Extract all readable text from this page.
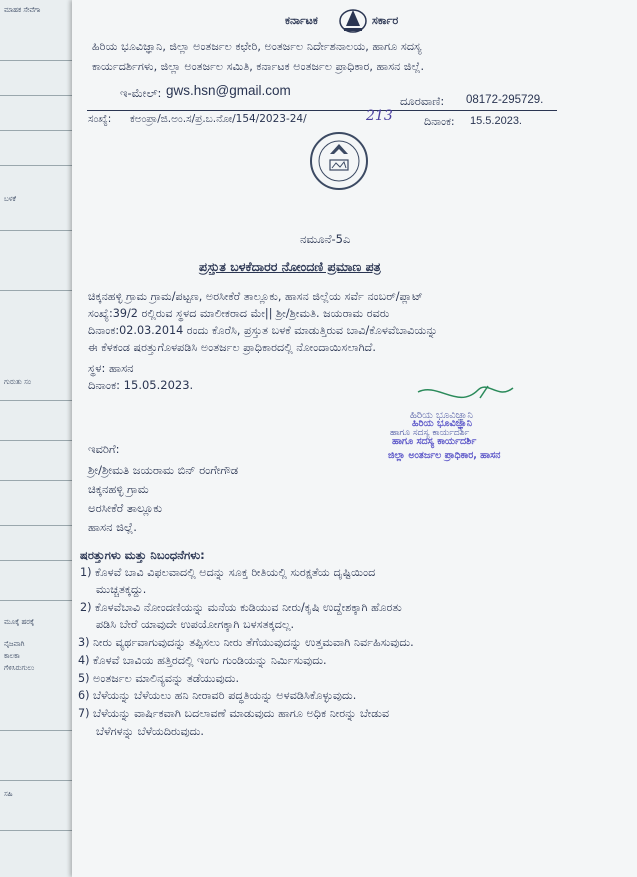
ಮಾಹಕ ಸೇವೆಗಾ
ಬಳಕೆ
ಗುರುತು ಸಂ
ಮೂಕ್ಕೆ ಹರಕ್ಕೆ
ನೈಜವಾಗಿ
ಕಾಲಕಾ
ಗೆಳಿಸಿರುಗುಲು
ಸಹಿ
ಕರ್ನಾಟಕ	ಸರ್ಕಾರ
ಹಿರಿಯ ಭೂವಿಜ್ಞಾನಿ, ಜಿಲ್ಲಾ ಅಂತರ್ಜಲ ಕಛೇರಿ, ಅಂತರ್ಜಲ ನಿರ್ದೇಶನಾಲಯ, ಹಾಗೂ ಸದಸ್ಯ
ಕಾರ್ಯದರ್ಶಿಗಳು, ಜಿಲ್ಲಾ ಅಂತರ್ಜಲ ಸಮಿತಿ, ಕರ್ನಾಟಕ ಅಂತರ್ಜಲ ಪ್ರಾಧಿಕಾರ, ಹಾಸನ ಜಿಲ್ಲೆ.
ಇ-ಮೇಲ್: gws.hsn@gmail.com
ದೂರವಾಣಿ: 08172-295729.
ಸಂಖ್ಯೆ: ಕಅಂಪ್ರಾ/ಜಿ.ಅಂ.ಸ/ಪ್ರ.ಬ.ನೋ/154/2023-24/	213	ದಿನಾಂಕ: 15.5.2023.
ನಮೂನೆ-5ಎ
ಪ್ರಸ್ತುತ ಬಳಕೆದಾರರ ನೋಂದಣಿ ಪ್ರಮಾಣ ಪತ್ರ
ಚಿಕ್ಕನಹಳ್ಳಿ ಗ್ರಾಮ ಗ್ರಾಮ/ಪಟ್ಟಣ, ಅರಸೀಕೆರೆ ತಾಲ್ಲೂಕು, ಹಾಸನ ಜಿಲ್ಲೆಯ ಸರ್ವೆ ನಂಬರ್/ಪ್ಲಾಟ್
ಸಂಖ್ಯೆ:39/2 ರಲ್ಲಿರುವ ಸ್ಥಳದ ಮಾಲೀಕರಾದ ಮೇ|| ಶ್ರೀ/ಶ್ರೀಮತಿ. ಜಯರಾಮ ರವರು
ದಿನಾಂಕ:02.03.2014 ರಂದು ಕೊರೆಸಿ, ಪ್ರಸ್ತುತ ಬಳಕೆ ಮಾಡುತ್ತಿರುವ ಬಾವಿ/ಕೊಳವೆಬಾವಿಯನ್ನು
ಈ ಕೆಳಕಂಡ ಷರತ್ತುಗೊಳಪಡಿಸಿ ಅಂತರ್ಜಲ ಪ್ರಾಧಿಕಾರದಲ್ಲಿ ನೋಂದಾಯಿಸಲಾಗಿದೆ.
ಸ್ಥಳ: ಹಾಸನ
ದಿನಾಂಕ: 15.05.2023.
ಹಿರಿಯ ಭೂವಿಜ್ಞಾನಿ
ಹಿರಿಯ ಭೂವಿಜ್ಞಾನಿ
ಹಾಗೂ ಸದಸ್ಯ ಕಾರ್ಯದರ್ಶಿ
ಹಾಗೂ ಸದಸ್ಯ ಕಾರ್ಯದರ್ಶಿ
ಜಿಲ್ಲಾ ಅಂತರ್ಜಲ ಪ್ರಾಧಿಕಾರ, ಹಾಸನ
ಇವರಿಗೆ:
ಶ್ರೀ/ಶ್ರೀಮತಿ ಜಯರಾಮ ಬಿನ್ ರಂಗೇಗೌಡ
ಚಿಕ್ಕನಹಳ್ಳಿ ಗ್ರಾಮ
ಅರಸೀಕೆರೆ ತಾಲ್ಲೂಕು
ಹಾಸನ ಜಿಲ್ಲೆ.
ಷರತ್ತುಗಳು ಮತ್ತು ನಿಬಂಧನೆಗಳು:
1) ಕೊಳವೆ ಬಾವಿ ವಿಫಲವಾದಲ್ಲಿ ಅದನ್ನು ಸೂಕ್ತ ರೀತಿಯಲ್ಲಿ ಸುರಕ್ಷತೆಯ ದೃಷ್ಟಿಯಿಂದ
ಮುಚ್ಚತಕ್ಕದ್ದು.
2) ಕೊಳವೆಬಾವಿ ನೋಂದಣಿಯನ್ನು ಮನೆಯ ಕುಡಿಯುವ ನೀರು/ಕೃಷಿ ಉದ್ದೇಶಕ್ಕಾಗಿ ಹೊರತು
ಪಡಿಸಿ ಬೇರೆ ಯಾವುದೇ ಉಪಯೋಗಕ್ಕಾಗಿ ಬಳಸತಕ್ಕದಲ್ಲ.
3) ನೀರು ವ್ಯರ್ಥವಾಗುವುದನ್ನು ತಪ್ಪಿಸಲು ನೀರು ತೆಗೆಯುವುದನ್ನು ಉತ್ತಮವಾಗಿ ನಿರ್ವಹಿಸುವುದು.
4) ಕೊಳವೆ ಬಾವಿಯ ಹತ್ತಿರದಲ್ಲಿ ಇಂಗು ಗುಂಡಿಯನ್ನು ನಿರ್ಮಿಸುವುದು.
5) ಅಂತರ್ಜಲ ಮಾಲಿನ್ಯವನ್ನು ತಡೆಯುವುದು.
6) ಬೆಳೆಯನ್ನು ಬೆಳೆಯಲು ಹನಿ ನೀರಾವರಿ ಪದ್ಧತಿಯನ್ನು ಅಳವಡಿಸಿಕೊಳ್ಳುವುದು.
7) ಬೆಳೆಯನ್ನು ವಾರ್ಷಿಕವಾಗಿ ಬದಲಾವಣೆ ಮಾಡುವುದು ಹಾಗೂ ಅಧಿಕ ನೀರನ್ನು ಬೇಡುವ
ಬೆಳೆಗಳನ್ನು ಬೆಳೆಯದಿರುವುದು.
